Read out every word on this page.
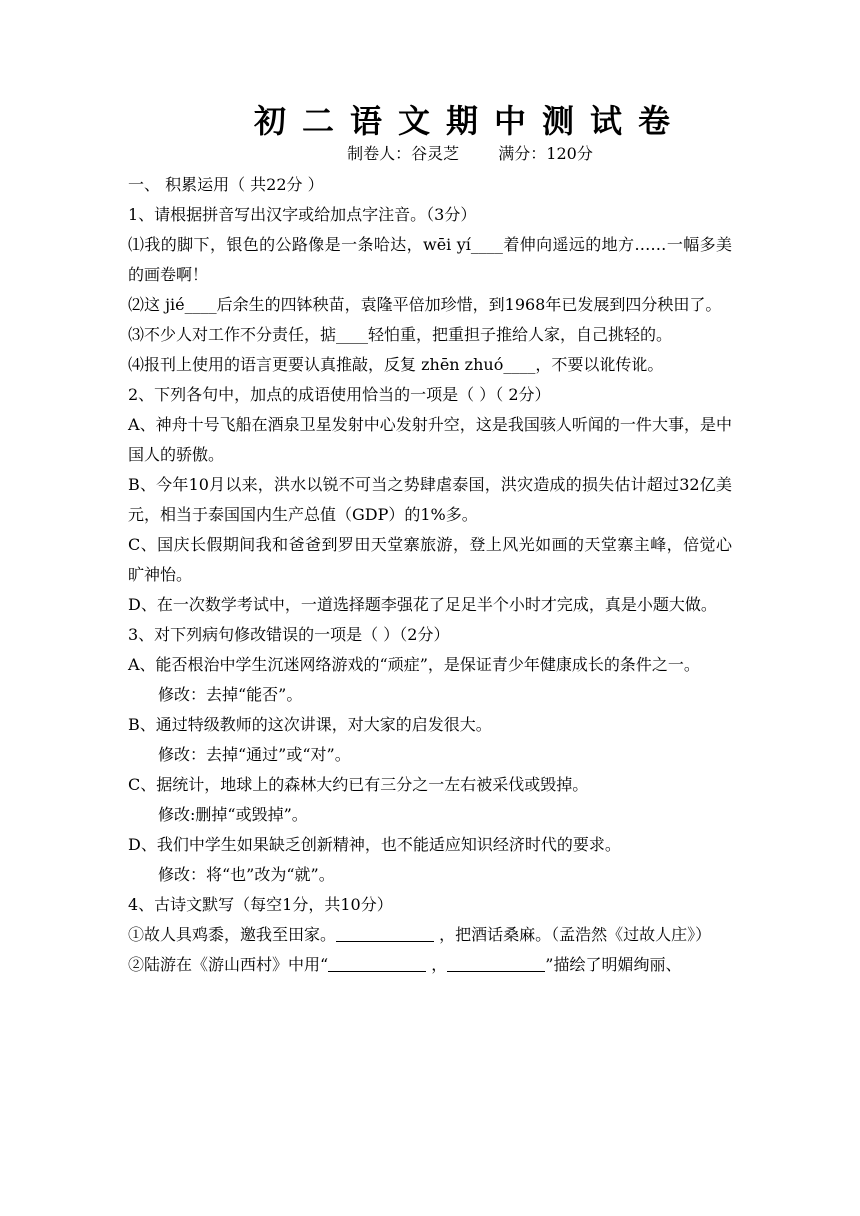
初二语文期中测试卷
制卷人：谷灵芝 满分：120分

一、 积累运用（ 共22分 ）

1、请根据拼音写出汉字或给加点字注音。（3分）

⑴我的脚下，银色的公路像是一条哈达，wēi yí____着伸向遥远的地方……一幅多美的画卷啊！

⑵这 jié____后余生的四钵秧苗，袁隆平倍加珍惜，到1968年已发展到四分秧田了。

⑶不少人对工作不分责任，掂____轻怕重，把重担子推给人家，自己挑轻的。

⑷报刊上使用的语言更要认真推敲，反复 zhēn zhuó____，不要以讹传讹。

2、下列各句中，加点的成语使用恰当的一项是（ ）（ 2分）

A、神舟十号飞船在酒泉卫星发射中心发射升空，这是我国骇人听闻的一件大事，是中国人的骄傲。

B、今年10月以来，洪水以锐不可当之势肆虐泰国，洪灾造成的损失估计超过32亿美元，相当于泰国国内生产总值（GDP）的1%多。

C、国庆长假期间我和爸爸到罗田天堂寨旅游，登上风光如画的天堂寨主峰，倍觉心旷神怡。

D、在一次数学考试中，一道选择题李强花了足足半个小时才完成，真是小题大做。

3、对下列病句修改错误的一项是（ ）（2分）

A、能否根治中学生沉迷网络游戏的“顽症”，是保证青少年健康成长的条件之一。

修改：去掉“能否”。

B、通过特级教师的这次讲课，对大家的启发很大。

修改：去掉“通过”或“对”。

C、据统计，地球上的森林大约已有三分之一左右被采伐或毁掉。

修改:删掉“或毁掉”。

D、我们中学生如果缺乏创新精神，也不能适应知识经济时代的要求。

修改：将“也”改为“就”。

4、古诗文默写（每空1分，共10分）

①故人具鸡黍，邀我至田家。	，把酒话桑麻。（孟浩然《过故人庄》）

②陆游在《游山西村》中用“	，	”描绘了明媚绚丽、
